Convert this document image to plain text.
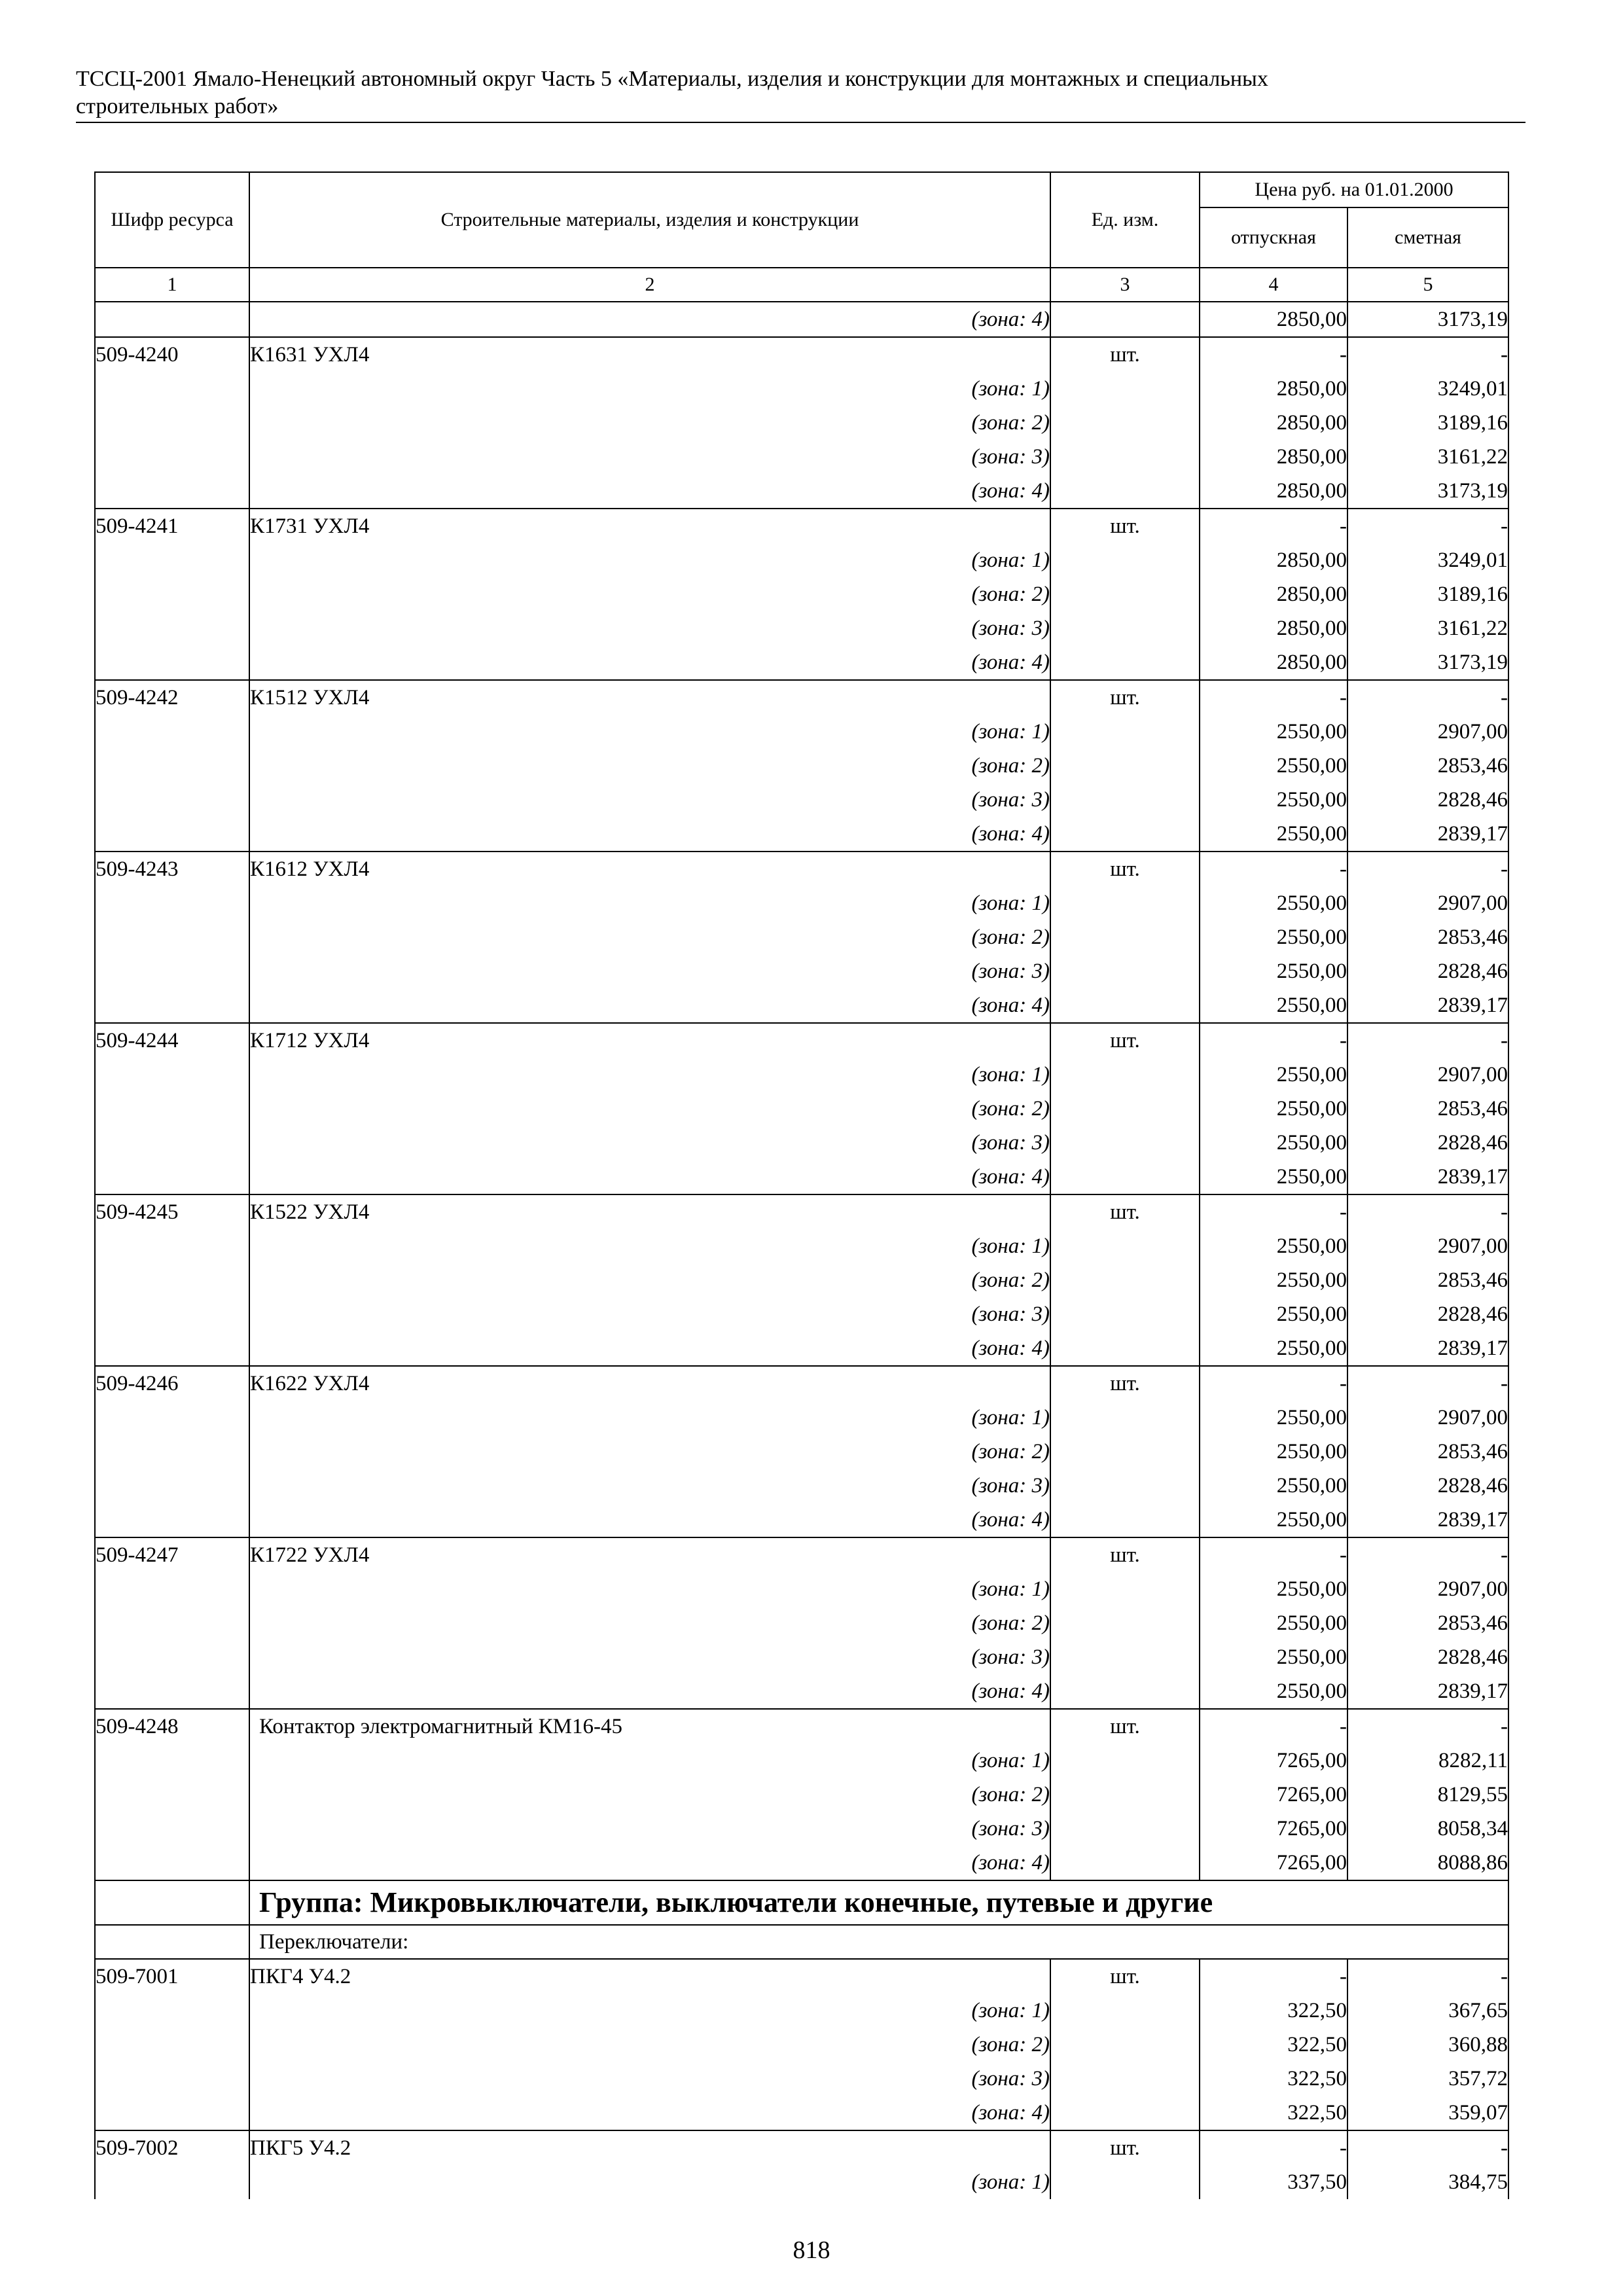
ТССЦ-2001 Ямало-Ненецкий автономный округ Часть 5 «Материалы, изделия и конструкции для монтажных и специальных
строительных работ»
Шифр ресурса	Строительные материалы, изделия и конструкции	Ед. изм.	Цена руб. на 01.01.2000	
			отпускная	сметная
1	2	3	4	5
	(зона: 4)		2850,00	3173,19
509-4240	К1631 УХЛ4	шт.	-	-
	(зона: 1)		2850,00	3249,01
	(зона: 2)		2850,00	3189,16
	(зона: 3)		2850,00	3161,22
	(зона: 4)		2850,00	3173,19
509-4241	К1731 УХЛ4	шт.	-	-
	(зона: 1)		2850,00	3249,01
	(зона: 2)		2850,00	3189,16
	(зона: 3)		2850,00	3161,22
	(зона: 4)		2850,00	3173,19
509-4242	К1512 УХЛ4	шт.	-	-
	(зона: 1)		2550,00	2907,00
	(зона: 2)		2550,00	2853,46
	(зона: 3)		2550,00	2828,46
	(зона: 4)		2550,00	2839,17
509-4243	К1612 УХЛ4	шт.	-	-
	(зона: 1)		2550,00	2907,00
	(зона: 2)		2550,00	2853,46
	(зона: 3)		2550,00	2828,46
	(зона: 4)		2550,00	2839,17
509-4244	К1712 УХЛ4	шт.	-	-
	(зона: 1)		2550,00	2907,00
	(зона: 2)		2550,00	2853,46
	(зона: 3)		2550,00	2828,46
	(зона: 4)		2550,00	2839,17
509-4245	К1522 УХЛ4	шт.	-	-
	(зона: 1)		2550,00	2907,00
	(зона: 2)		2550,00	2853,46
	(зона: 3)		2550,00	2828,46
	(зона: 4)		2550,00	2839,17
509-4246	К1622 УХЛ4	шт.	-	-
	(зона: 1)		2550,00	2907,00
	(зона: 2)		2550,00	2853,46
	(зона: 3)		2550,00	2828,46
	(зона: 4)		2550,00	2839,17
509-4247	К1722 УХЛ4	шт.	-	-
	(зона: 1)		2550,00	2907,00
	(зона: 2)		2550,00	2853,46
	(зона: 3)		2550,00	2828,46
	(зона: 4)		2550,00	2839,17
509-4248	Контактор электромагнитный КМ16-45	шт.	-	-
	(зона: 1)		7265,00	8282,11
	(зона: 2)		7265,00	8129,55
	(зона: 3)		7265,00	8058,34
	(зона: 4)		7265,00	8088,86
	Группа: Микровыключатели, выключатели конечные, путевые и другие			
	Переключатели:			
509-7001	ПКГ4 У4.2	шт.	-	-
	(зона: 1)		322,50	367,65
	(зона: 2)		322,50	360,88
	(зона: 3)		322,50	357,72
	(зона: 4)		322,50	359,07
509-7002	ПКГ5 У4.2	шт.	-	-
	(зона: 1)		337,50	384,75
818
